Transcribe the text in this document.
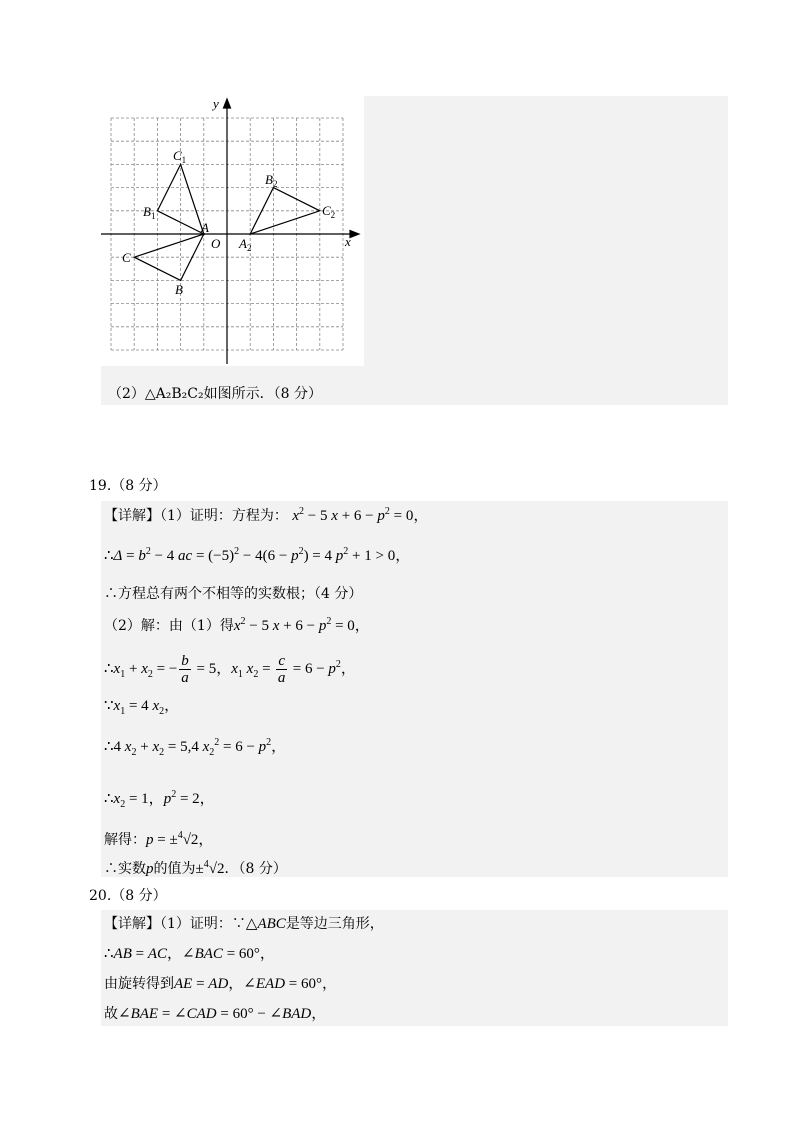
x
y
O
$C_1$
$B_1$
A
C
B
$B_2$
$C_2$
$A_2$
（2）△A₂B₂C₂如图所示．（8 分）
19.（8 分）
【详解】（1）证明：方程为： $x^2 - 5$ $x + 6 - p^2 = 0$，
∴Δ = $b^2 - 4$ ac = $(-5)^2 - 4(6 - p^2) = 4$ $p^2 + 1 > 0$，
∴方程总有两个不相等的实数根；（4 分）
（2）解：由（1）得$x^2 - 5$ $x + 6 - p^2 = 0$，
$\therefore x_1 + x_2$ = − $\frac{b}{a} = 5$，$x_1$ $x_2 = \frac{c}{a} = 6 - p^2$，
$\because x_1 = 4$ $x_2$，
∴4 $x_2 + x_2 = 5,4$ $x_2^2 = 6 - p^2$，
$\therefore x_2 = 1$，$p^2 = 2$，
解得：p = ±$^4$√2，
∴实数p的值为±$^4$√2．（8 分）
20.（8 分）
【详解】（1）证明：∵△ABC是等边三角形，
∴AB = AC，∠BAC = 60°，
由旋转得到AE = AD，∠EAD = 60°，
故∠BAE = ∠CAD = 60° − ∠BAD，
